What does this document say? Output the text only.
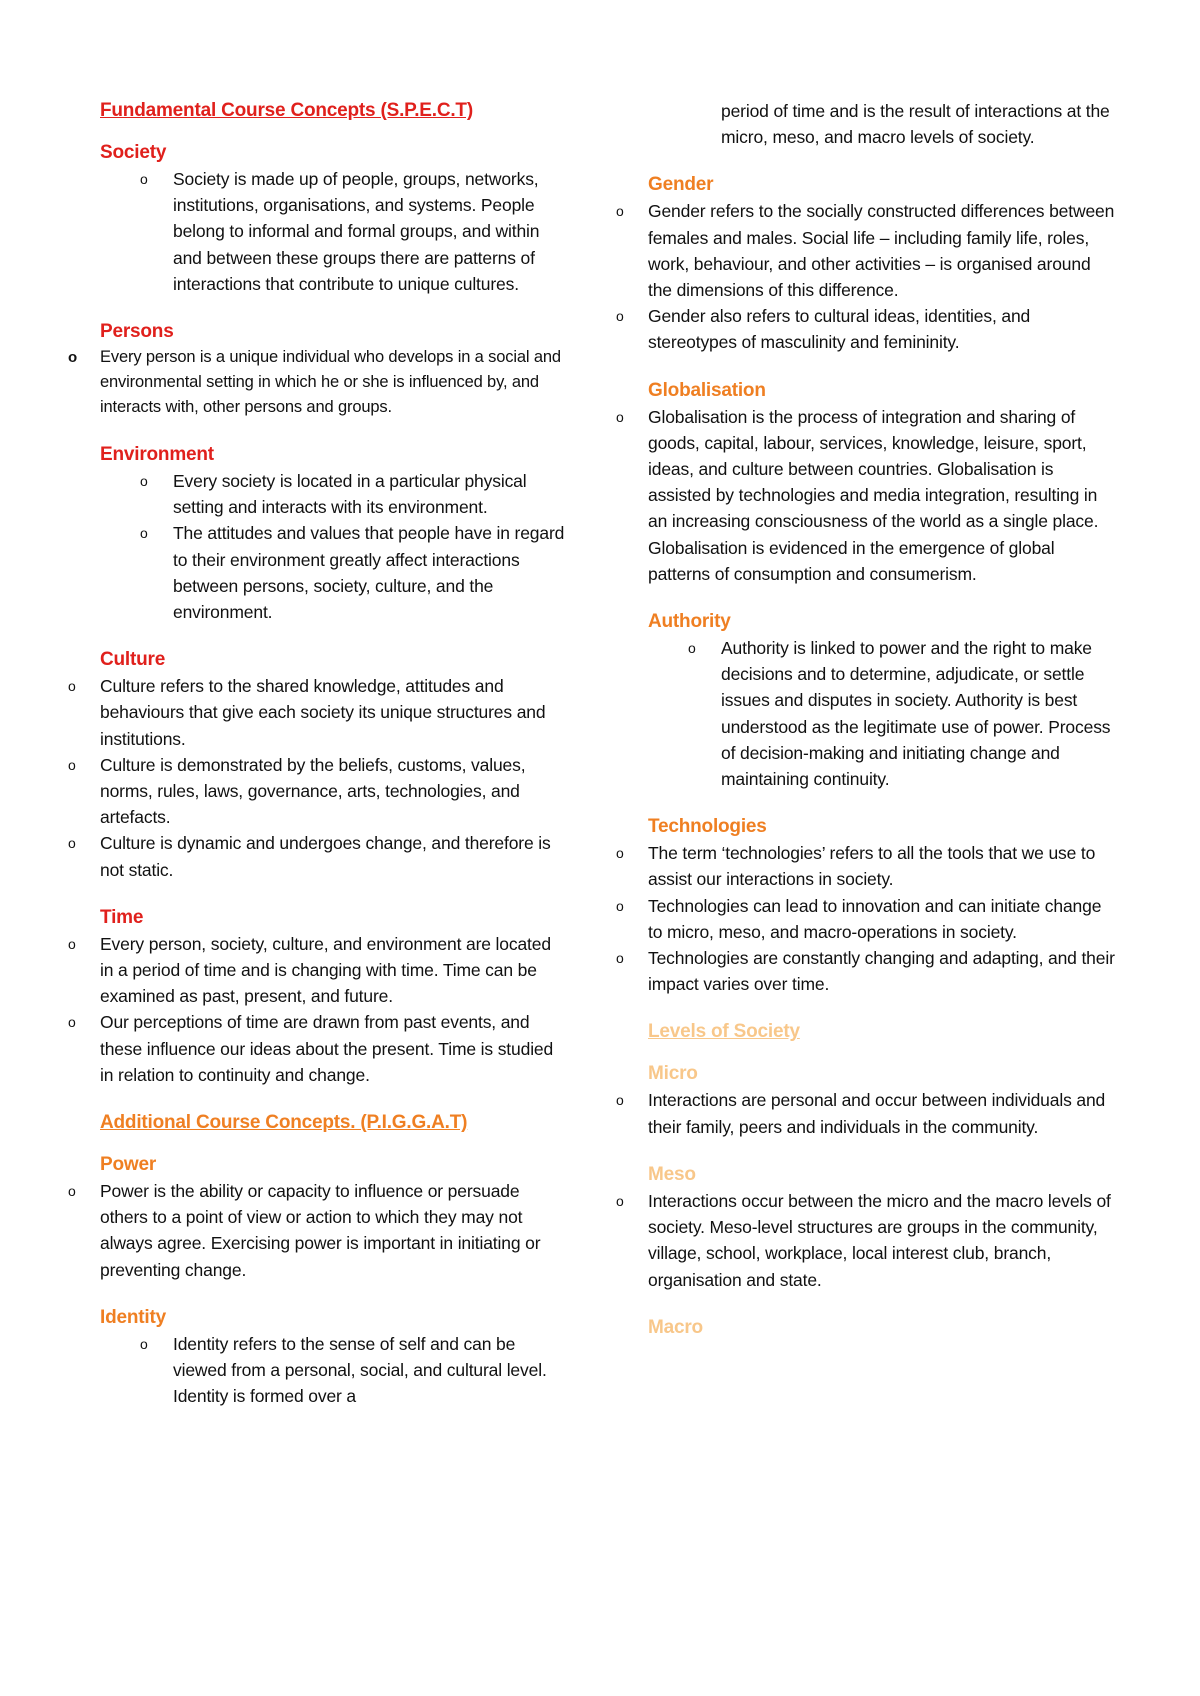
Fundamental Course Concepts (S.P.E.C.T)
Society
o Society is made up of people, groups, networks, institutions, organisations, and systems. People belong to informal and formal groups, and within and between these groups there are patterns of interactions that contribute to unique cultures.
Persons
o Every person is a unique individual who develops in a social and environmental setting in which he or she is influenced by, and interacts with, other persons and groups.
Environment
o Every society is located in a particular physical setting and interacts with its environment.
o The attitudes and values that people have in regard to their environment greatly affect interactions between persons, society, culture, and the environment.
Culture
o Culture refers to the shared knowledge, attitudes and behaviours that give each society its unique structures and institutions.
o Culture is demonstrated by the beliefs, customs, values, norms, rules, laws, governance, arts, technologies, and artefacts.
o Culture is dynamic and undergoes change, and therefore is not static.
Time
o Every person, society, culture, and environment are located in a period of time and is changing with time. Time can be examined as past, present, and future.
o Our perceptions of time are drawn from past events, and these influence our ideas about the present. Time is studied in relation to continuity and change.
Additional Course Concepts. (P.I.G.G.A.T)
Power
o Power is the ability or capacity to influence or persuade others to a point of view or action to which they may not always agree. Exercising power is important in initiating or preventing change.
Identity
o Identity refers to the sense of self and can be viewed from a personal, social, and cultural level. Identity is formed over a
period of time and is the result of interactions at the micro, meso, and macro levels of society.
Gender
o Gender refers to the socially constructed differences between females and males. Social life – including family life, roles, work, behaviour, and other activities – is organised around the dimensions of this difference.
o Gender also refers to cultural ideas, identities, and stereotypes of masculinity and femininity.
Globalisation
o Globalisation is the process of integration and sharing of goods, capital, labour, services, knowledge, leisure, sport, ideas, and culture between countries. Globalisation is assisted by technologies and media integration, resulting in an increasing consciousness of the world as a single place. Globalisation is evidenced in the emergence of global patterns of consumption and consumerism.
Authority
o Authority is linked to power and the right to make decisions and to determine, adjudicate, or settle issues and disputes in society. Authority is best understood as the legitimate use of power. Process of decision-making and initiating change and maintaining continuity.
Technologies
o The term ‘technologies’ refers to all the tools that we use to assist our interactions in society.
o Technologies can lead to innovation and can initiate change to micro, meso, and macro-operations in society.
o Technologies are constantly changing and adapting, and their impact varies over time.
Levels of Society
Micro
o Interactions are personal and occur between individuals and their family, peers and individuals in the community.
Meso
o Interactions occur between the micro and the macro levels of society. Meso-level structures are groups in the community, village, school, workplace, local interest club, branch, organisation and state.
Macro
